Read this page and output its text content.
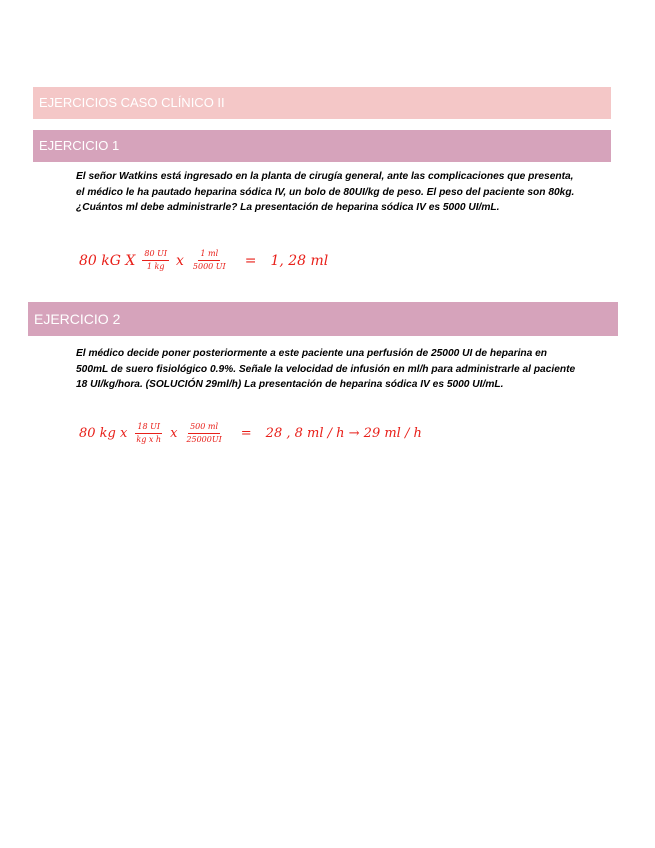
EJERCICIOS CASO CLÍNICO II
EJERCICIO 1

El señor Watkins está ingresado en la planta de cirugía general, ante las complicaciones que presenta, el médico le ha pautado heparina sódica IV, un bolo de 80UI/kg de peso. El peso del paciente son 80kg. ¿Cuántos ml debe administrarle? La presentación de heparina sódica IV es 5000 UI/mL.

80 kG X $\frac{80 UI}{1 kg}$ x $\frac{1 ml}{5000 UI} = 1$, 28 ml
EJERCICIO 2

El médico decide poner posteriormente a este paciente una perfusión de 25000 UI de heparina en 500mL de suero fisiológico 0.9%. Señale la velocidad de infusión en ml/h para administrarle al paciente 18 UI/kg/hora. (SOLUCIÓN 29ml/h) La presentación de heparina sódica IV es 5000 UI/mL.

80 kg x $\frac{18 UI}{\text{kg x h}}$ x $\frac{500 ml}{25000UI} = 28$ , 8 ml / h → 29 ml / h
